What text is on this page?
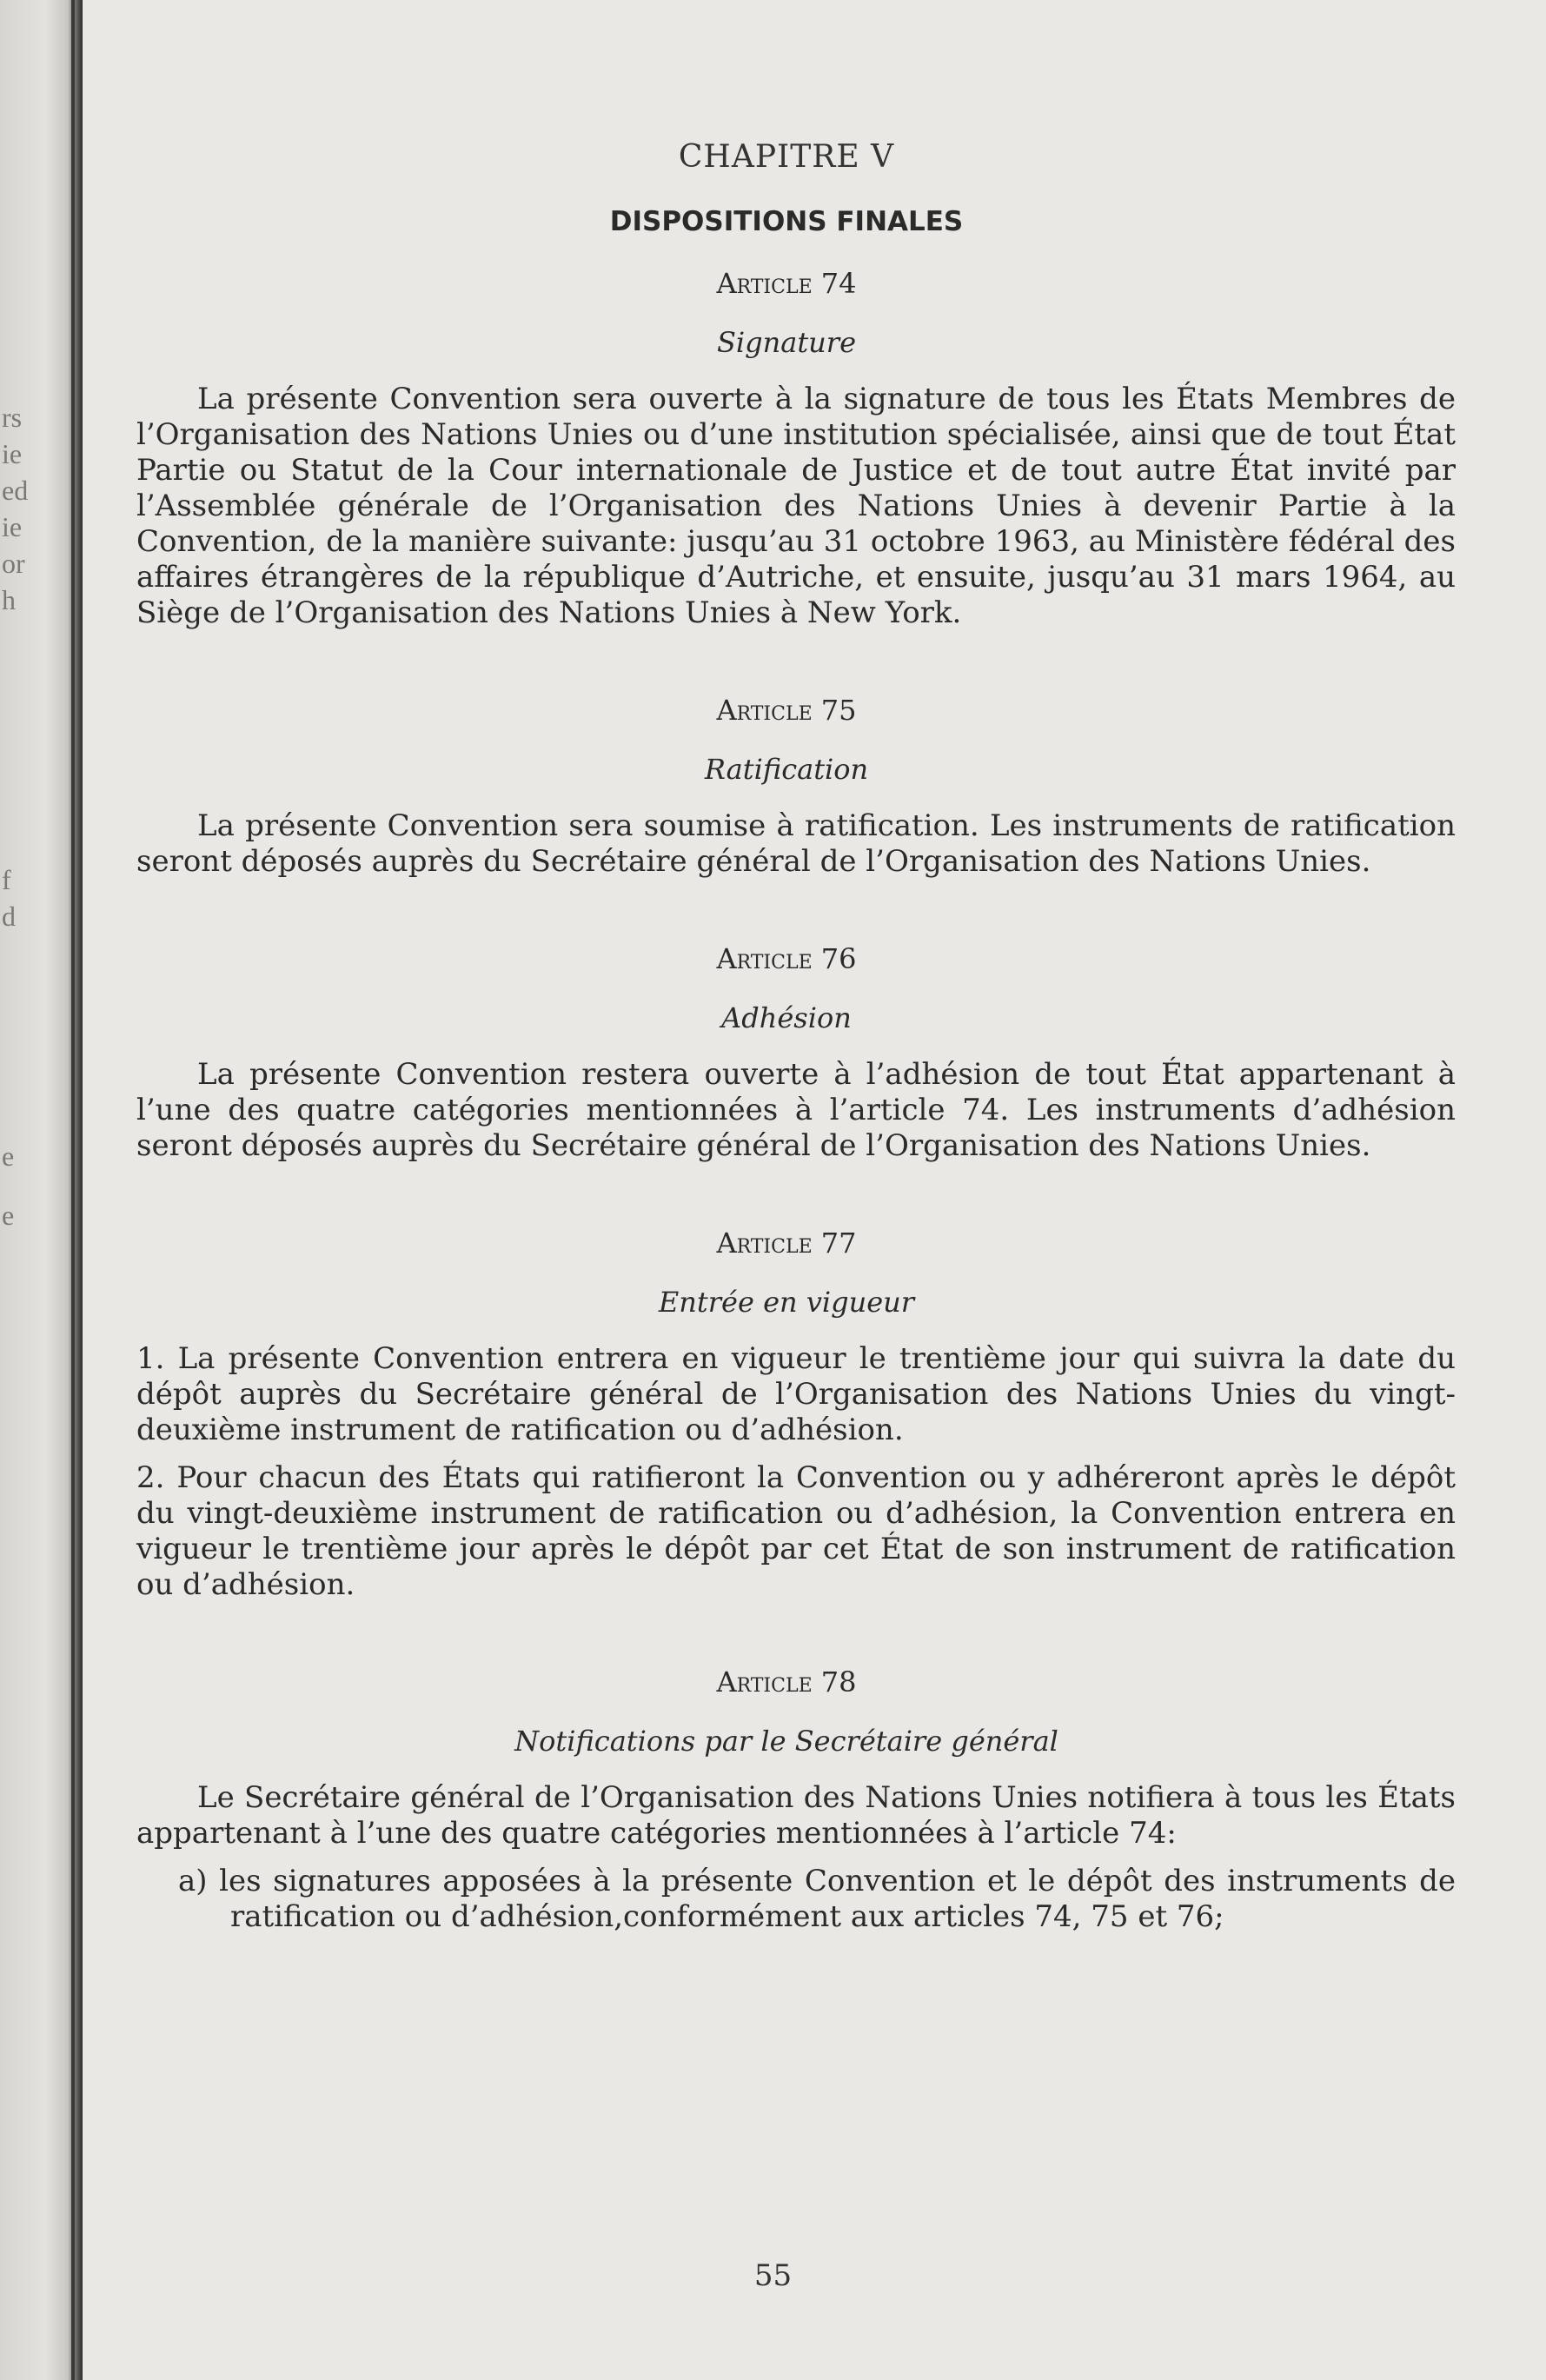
rs
ie
ed
ie
or
h
f
d
e
e
CHAPITRE V
DISPOSITIONS FINALES
Article 74
Signature

La présente Convention sera ouverte à la signature de tous les États Membres de l’Organisation des Nations Unies ou d’une institution spécialisée, ainsi que de tout État Partie ou Statut de la Cour internationale de Justice et de tout autre État invité par l’Assemblée générale de l’Organisation des Nations Unies à devenir Partie à la Convention, de la manière suivante: jusqu’au 31 octobre 1963, au Ministère fédéral des affaires étrangères de la république d’Autriche, et ensuite, jusqu’au 31 mars 1964, au Siège de l’Organisation des Nations Unies à New York.

Article 75
Ratification

La présente Convention sera soumise à ratification. Les instruments de ratification seront déposés auprès du Secrétaire général de l’Organisation des Nations Unies.

Article 76
Adhésion

La présente Convention restera ouverte à l’adhésion de tout État appartenant à l’une des quatre catégories mentionnées à l’article 74. Les instruments d’adhésion seront déposés auprès du Secrétaire général de l’Organisation des Nations Unies.

Article 77
Entrée en vigueur

1. La présente Convention entrera en vigueur le trentième jour qui suivra la date du dépôt auprès du Secrétaire général de l’Organisation des Nations Unies du vingt-deuxième instrument de ratification ou d’adhésion.

2. Pour chacun des États qui ratifieront la Convention ou y adhéreront après le dépôt du vingt-deuxième instrument de ratification ou d’adhésion, la Convention entrera en vigueur le trentième jour après le dépôt par cet État de son instrument de ratification ou d’adhésion.

Article 78
Notifications par le Secrétaire général

Le Secrétaire général de l’Organisation des Nations Unies notifiera à tous les États appartenant à l’une des quatre catégories mentionnées à l’article 74:

a) les signatures apposées à la présente Convention et le dépôt des instruments de ratification ou d’adhésion,conformément aux articles 74, 75 et 76;

55
